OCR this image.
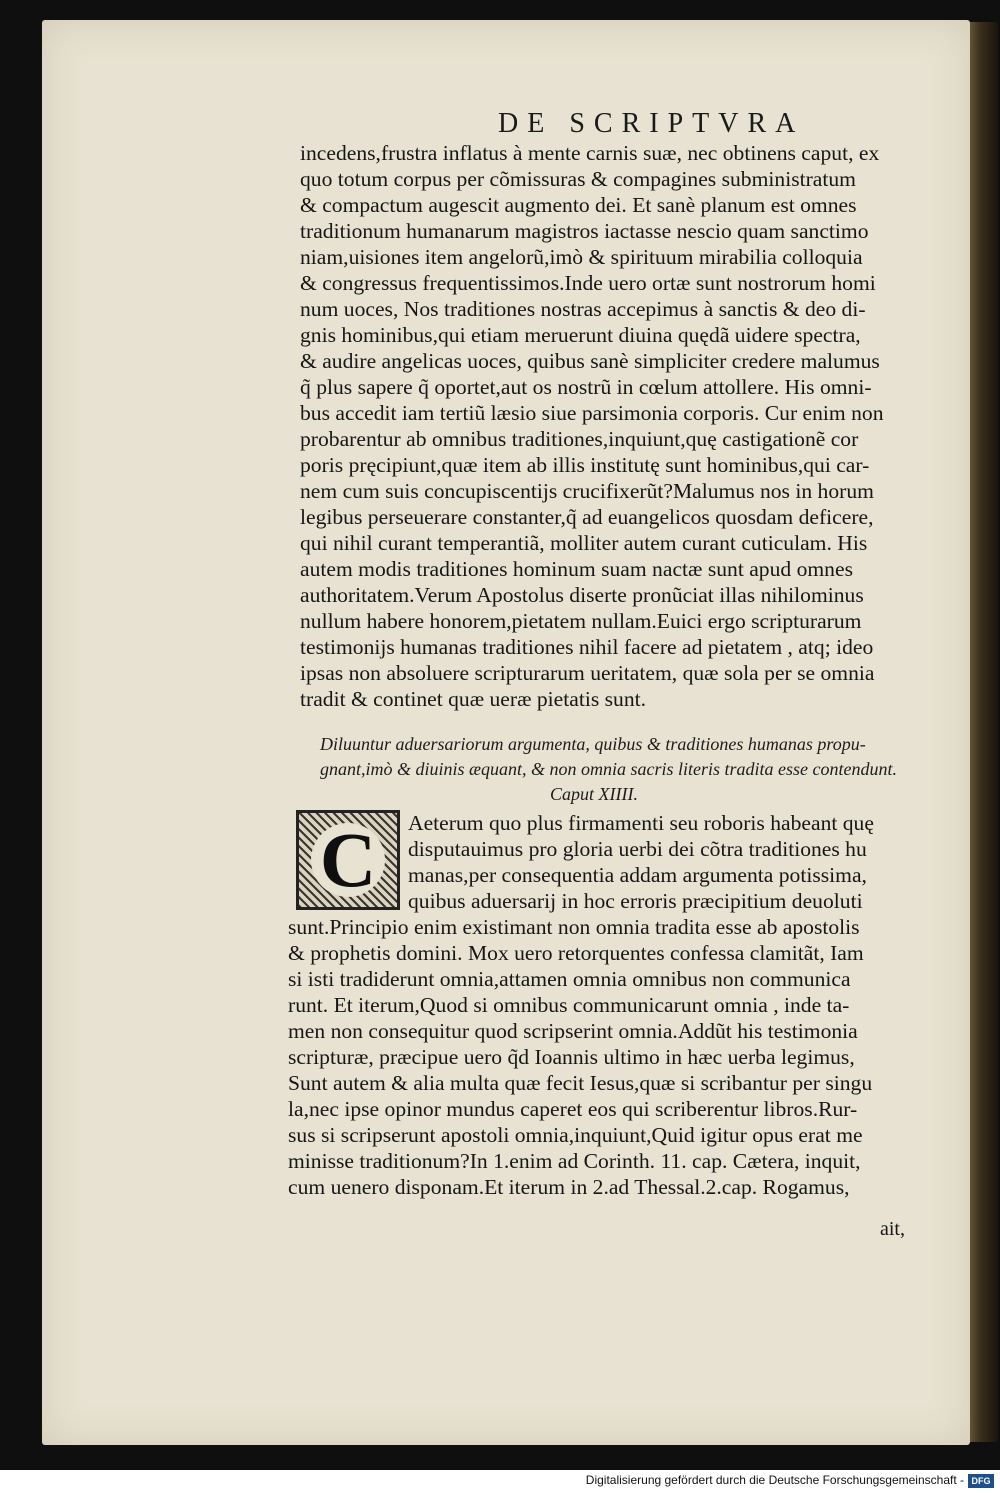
DE SCRIPTVRA
incedens,frustra inflatus à mente carnis suæ, nec obtinens caput, ex
quo totum corpus per cõmissuras & compagines subministratum
& compactum augescit augmento dei. Et sanè planum est omnes
traditionum humanarum magistros iactasse nescio quam sanctimo
niam,uisiones item angelorũ,imò & spirituum mirabilia colloquia
& congressus frequentissimos.Inde uero ortæ sunt nostrorum homi
num uoces, Nos traditiones nostras accepimus à sanctis & deo di-
gnis hominibus,qui etiam meruerunt diuina quędã uidere spectra,
& audire angelicas uoces, quibus sanè simpliciter credere malumus
q̃ plus sapere q̃ oportet,aut os nostrũ in cœlum attollere. His omni-
bus accedit iam tertiũ læsio siue parsimonia corporis. Cur enim non
probarentur ab omnibus traditiones,inquiunt,quę castigationẽ cor
poris pręcipiunt,quæ item ab illis institutę sunt hominibus,qui car-
nem cum suis concupiscentijs crucifixerũt?Malumus nos in horum
legibus perseuerare constanter,q̃ ad euangelicos quosdam deficere,
qui nihil curant temperantiã, molliter autem curant cuticulam. His
autem modis traditiones hominum suam nactæ sunt apud omnes
authoritatem.Verum Apostolus diserte pronũciat illas nihilominus
nullum habere honorem,pietatem nullam.Euici ergo scripturarum
testimonijs humanas traditiones nihil facere ad pietatem , atq; ideo
ipsas non absoluere scripturarum ueritatem, quæ sola per se omnia
tradit & continet quæ ueræ pietatis sunt.
Diluuntur aduersariorum argumenta, quibus & traditiones humanas propu-
gnant,imò & diuinis æquant, & non omnia sacris literis tradita esse contendunt.
Caput XIIII.
C	Aeterum quo plus firmamenti seu roboris habeant quę
disputauimus pro gloria uerbi dei cõtra traditiones hu
manas,per consequentia addam argumenta potissima,
quibus aduersarij in hoc erroris præcipitium deuoluti
sunt.Principio enim existimant non omnia tradita esse ab apostolis
& prophetis domini. Mox uero retorquentes confessa clamitãt, Iam
si isti tradiderunt omnia,attamen omnia omnibus non communica
runt. Et iterum,Quod si omnibus communicarunt omnia , inde ta-
men non consequitur quod scripserint omnia.Addũt his testimonia
scripturæ, præcipue uero q̃d Ioannis ultimo in hæc uerba legimus,
Sunt autem & alia multa quæ fecit Iesus,quæ si scribantur per singu
la,nec ipse opinor mundus caperet eos qui scriberentur libros.Rur-
sus si scripserunt apostoli omnia,inquiunt,Quid igitur opus erat me
minisse traditionum?In 1.enim ad Corinth. 11. cap. Cætera, inquit,
cum uenero disponam.Et iterum in 2.ad Thessal.2.cap. Rogamus,
ait,
Digitalisierung gefördert durch die Deutsche Forschungsgemeinschaft - DFG
